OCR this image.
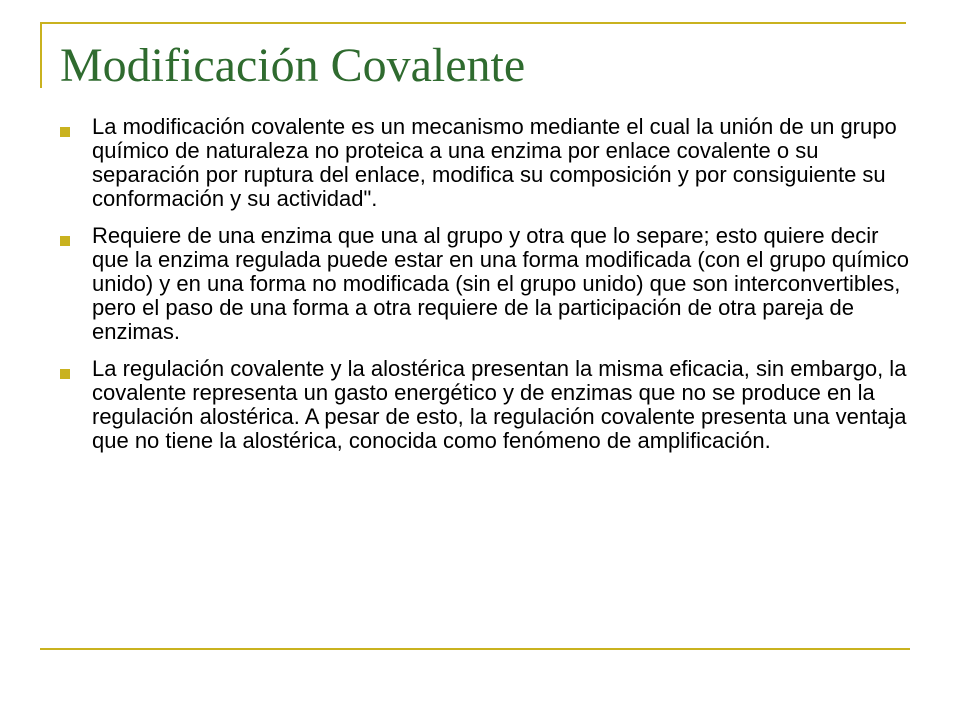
Modificación Covalente
La modificación covalente es un mecanismo mediante el cual la unión de un grupo químico de naturaleza no proteica a una enzima por enlace covalente o su separación por ruptura del enlace, modifica su composición y por consiguiente su conformación y su actividad".
Requiere de una enzima que una al grupo y otra que lo separe; esto quiere decir que la enzima regulada puede estar en una forma modificada (con el grupo químico unido) y en una forma no modificada (sin el grupo unido) que son interconvertibles, pero el paso de una forma a otra requiere de la participación de otra pareja de enzimas.
La regulación covalente y la alostérica presentan la misma eficacia, sin embargo, la covalente representa un gasto energético y de enzimas que no se produce en la regulación alostérica. A pesar de esto, la regulación covalente presenta una ventaja que no tiene la alostérica, conocida como fenómeno de amplificación.
